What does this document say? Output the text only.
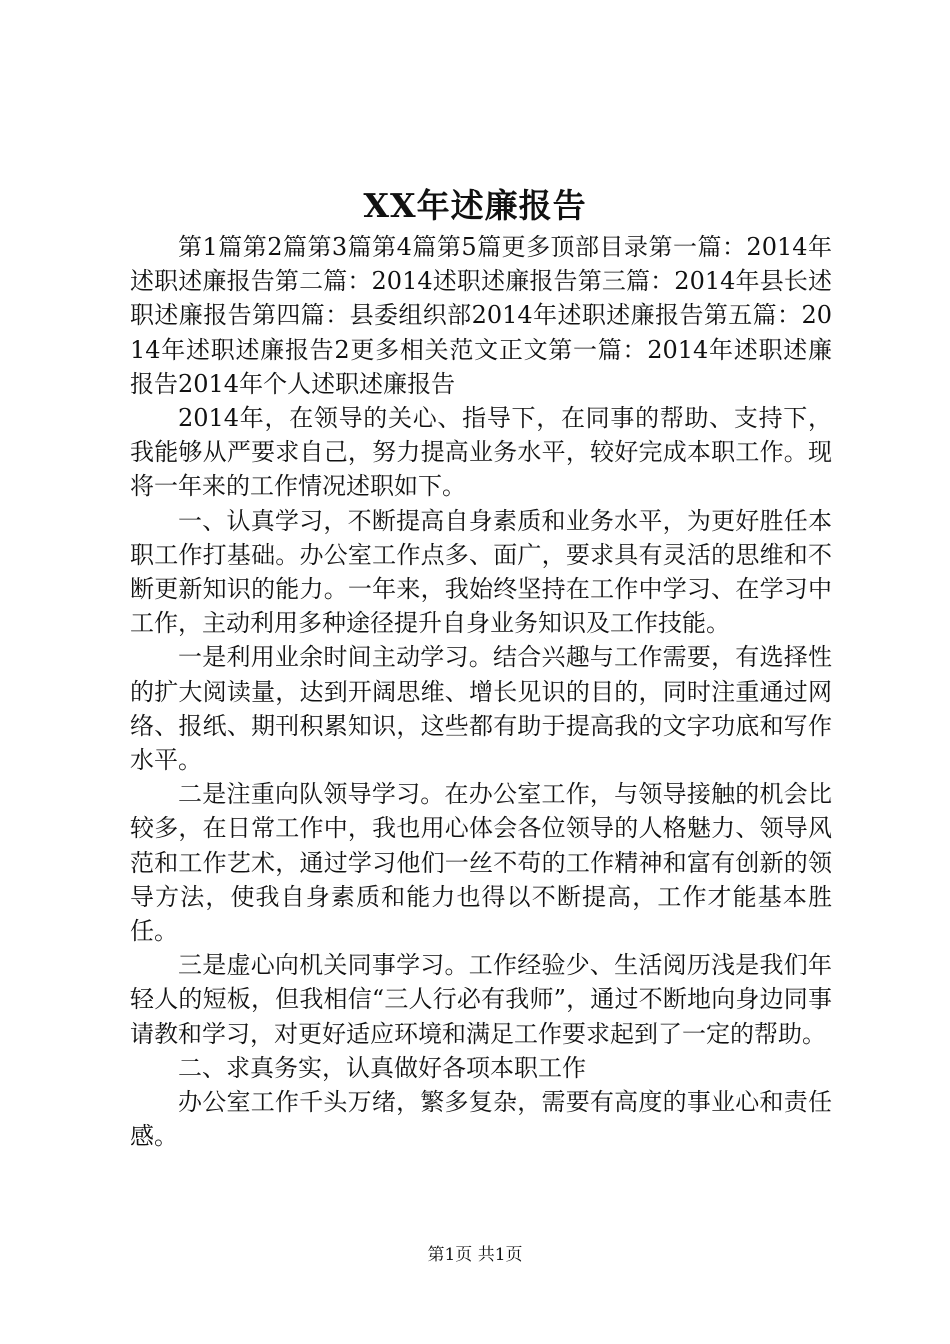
XX年述廉报告

第1篇第2篇第3篇第4篇第5篇更多顶部目录第一篇：2014年述职述廉报告第二篇：2014述职述廉报告第三篇：2014年县长述职述廉报告第四篇：县委组织部2014年述职述廉报告第五篇：2014年述职述廉报告2更多相关范文正文第一篇：2014年述职述廉报告2014年个人述职述廉报告

2014年，在领导的关心、指导下，在同事的帮助、支持下，我能够从严要求自己，努力提高业务水平，较好完成本职工作。现将一年来的工作情况述职如下。

一、认真学习，不断提高自身素质和业务水平，为更好胜任本职工作打基础。办公室工作点多、面广，要求具有灵活的思维和不断更新知识的能力。一年来，我始终坚持在工作中学习、在学习中工作，主动利用多种途径提升自身业务知识及工作技能。

一是利用业余时间主动学习。结合兴趣与工作需要，有选择性的扩大阅读量，达到开阔思维、增长见识的目的，同时注重通过网络、报纸、期刊积累知识，这些都有助于提高我的文字功底和写作水平。

二是注重向队领导学习。在办公室工作，与领导接触的机会比较多，在日常工作中，我也用心体会各位领导的人格魅力、领导风范和工作艺术，通过学习他们一丝不苟的工作精神和富有创新的领导方法，使我自身素质和能力也得以不断提高，工作才能基本胜任。

三是虚心向机关同事学习。工作经验少、生活阅历浅是我们年轻人的短板，但我相信“三人行必有我师”，通过不断地向身边同事请教和学习，对更好适应环境和满足工作要求起到了一定的帮助。

二、求真务实，认真做好各项本职工作

办公室工作千头万绪，繁多复杂，需要有高度的事业心和责任感。

第1页 共1页
